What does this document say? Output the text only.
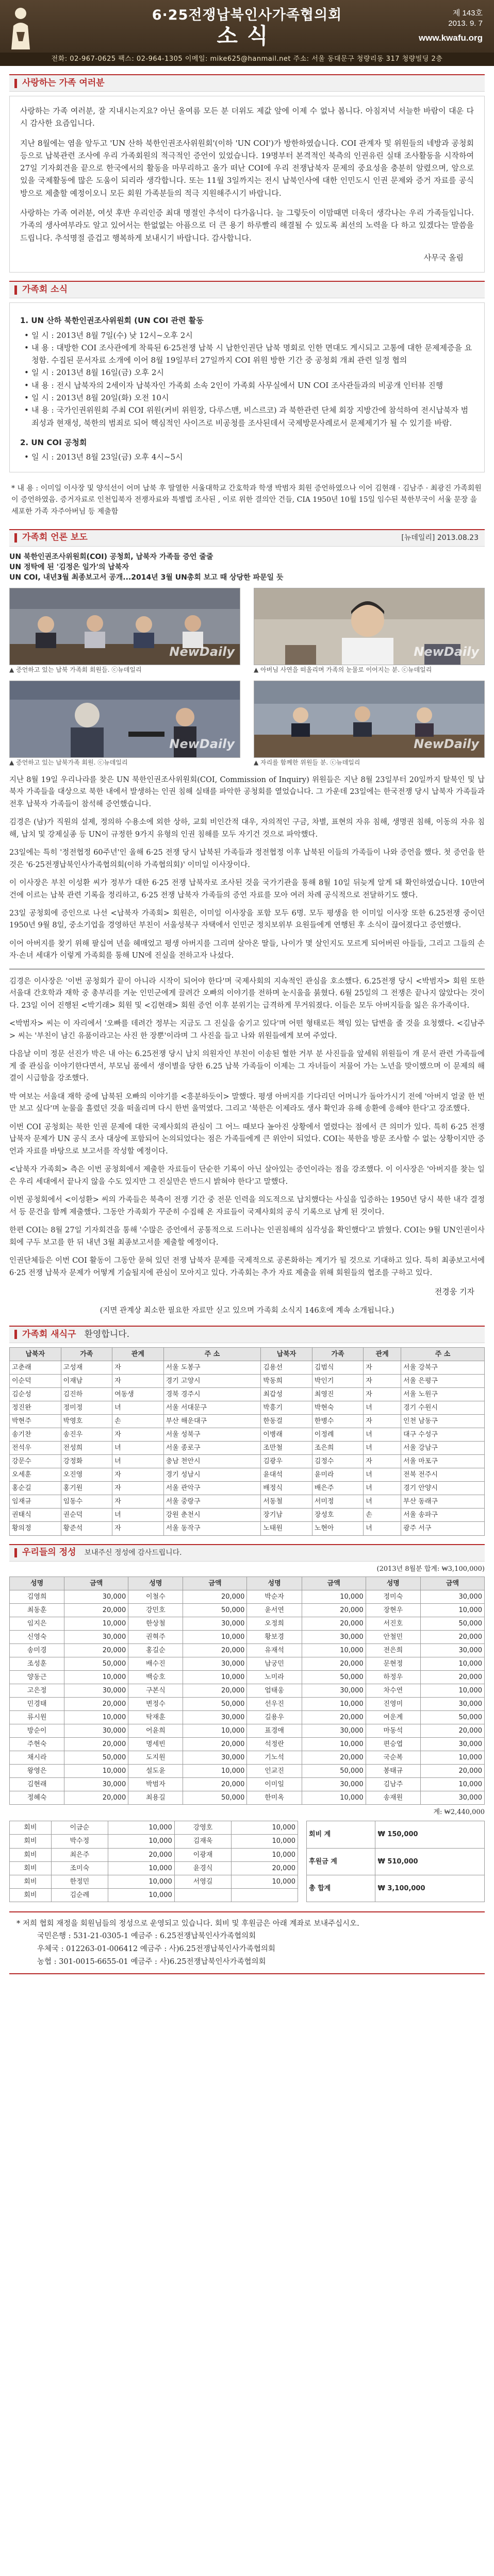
6·25전쟁납북인사가족협의회
소식
제 143호
2013. 9. 7
www.kwafu.org
전화: 02-967-0625 팩스: 02-964-1305 이메일: mike625@hanmail.net 주소: 서울 동대문구 청량리동 317 청량빌딩 2층
사랑하는 가족 여러분

사랑하는 가족 여러분, 잘 지내시는지요? 아닌 올여름 모든 분 더위도 제값 앞에 이제 수 없나 봅니다. 아침저녁 서늘한 바람이 대운 다시 감사한 요즘입니다.

지난 8월에는 염을 앞두고 'UN 산하 북한인권조사위원회'(이하 'UN COI')가 방한하였습니다. COI 관계자 및 위원들의 네방과 공청회 등으로 납북관련 조사에 우리 가족회원의 적극적인 증언이 있었습니다. 19명부터 본격적인 북측의 인권유린 실태 조사활동을 시작하여 27일 기자회견을 끝으로 한국에서의 활동을 마무리하고 올가 떠난 COI에 우리 전쟁납북자 문제의 중요성을 충분히 알렸으며, 앞으로 있을 국제활동에 많은 도움이 되리라 생각합니다. 또는 11월 3일까지는 전시 납북인사에 대한 인민도시 인권 문제와 증거 자료를 공식방으로 제출할 예정이오니 모든 회원 가족분들의 적극 지원해주시기 바랍니다.

사랑하는 가족 여러분, 여섯 후반 우리인증 최대 명절인 추석이 다가옵니다. 늘 그렇듯이 이맘때면 더욱더 생각나는 우리 가족들입니다. 가족의 생사여부라도 알고 있어서는 한없없는 아픔으로 더 큰 용기 하루빨리 해결될 수 있도록 최선의 노력을 다 하고 있겠다는 말씀을 드립니다. 추석명절 즐겁고 행복하게 보내시기 바랍니다. 감사합니다.

사무국 올림
가족회 소식
1. UN 산하 북한인권조사위원회 (UN COI 관련 활동
• 일 시 : 2013년 8월 7일(수) 낮 12시~오후 2시
• 내 용 : 대방한 COI 조사관에게 착륙된 6·25전쟁 납북 시 납한인권단 납북 명회로 인한 면대도 게시되고 고통에 대한 문제제증을 요청함. 수집된 문서자료 소개에 이어 8월 19일부터 27일까지 COI 위원 방한 기간 중 공청회 개최 관련 일정 협의
• 일 시 : 2013년 8월 16일(금) 오후 2시
• 내 용 : 전시 납북자의 2세이자 납북자인 가족회 소속 2인이 가족회 사무실에서 UN COI 조사관들과의 비공개 인터뷰 진행
• 일 시 : 2013년 8월 20일(화) 오전 10시
• 내 용 : 국가인권위원회 주최 COI 위원(커비 위원장, 다루스맨, 비스르코) 과 북한관련 단체 회장 지방간에 참석하여 전시납북자 범죄성과 현재성, 북한의 범죄로 되어 핵심적인 사이즈로 비공청를 조사된데서 국제방문사례로서 문제제기가 될 수 있기를 바람.
2. UN COI 공청회
• 일 시 : 2013년 8월 23일(금) 오후 4시~5시
* 내 용 : 이미일 이사장 및 양석선이 어머 납북 후 딸열한 서울대학교 간호학과 학생 박범자 회원 증언하였으나 이어 김현래 · 김남주 · 최광진 가족회원이 증언하였음. 증거자료로 인천입북자 전쟁자료와 특별법 조사된 , 이로 위한 결의안 건들, CIA 1950년 10월 15일 임수된 북한부국이 서울 문장 을 세포한 가족 자주아버님 등 제출함
가족회 언론 보도	[뉴데일리] 2013.08.23
UN 북한인권조사위원회(COI) 공청회, 납북자 가족들 증언 줄줄
UN 정탁에 된 '김정은 일가'의 납북자
UN COI, 내년3월 최종보고서 공개...2014년 3월 UN총회 보고 때 상당한 파문일 듯
NewDaily
▲ 증언하고 있는 납북 가족회 회원들. ⓒ뉴데일리
NewDaily
▲ 아버님 사연을 떠올리며 가족의 눈물로 이어지는 분. ⓒ뉴데일리
NewDaily
▲ 증언하고 있는 납북가족 회원. ⓒ뉴데일리
NewDaily
▲ 자리를 함께한 위원들 분. ⓒ뉴데일리

지난 8월 19일 우리나라를 찾은 UN 북한인권조사위원회(COI, Commission of Inquiry) 위원들은 지난 8월 23일부터 20일까지 탈북인 및 납북자 가족들을 대상으로 북한 내에서 발생하는 인권 침해 실태를 파악한 공청회를 열었습니다. 그 가운데 23일에는 한국전쟁 당시 납북자 가족들과 전후 납북자 가족들이 참석해 증언했습니다.

김경은 (남)가 직원의 설제, 정의하 수용소에 외한 상하, 교회 비인간적 대우, 자의적인 구금, 차별, 표현의 자유 침해, 생명권 침해, 이동의 자유 침해, 납치 및 강제실종 등 UN이 규정한 9가지 유형의 인권 침해를 모두 자기건 것으로 파악했다.

23일에는 특히 '정전협정 60주년'인 올해 6·25 전쟁 당시 납북된 가족들과 정전협정 이후 납북된 이들의 가족들이 나와 증언을 했다. 첫 증언을 한 것은 '6·25전쟁납북인사가족협의회(이하 가족협의회)' 이미일 이사장이다.

이 이사장은 부친 이성환 씨가 정부가 대한 6·25 전쟁 납북자로 조사된 것을 국가기관을 통해 8월 10일 뒤늦게 알게 돼 확인하였습니다. 10만여 건에 이르는 납북 관련 기록을 정리하고, 6·25 전쟁 납북자 가족들의 증언 자료를 모아 여러 차례 공식적으로 전달하기도 했다.

23일 공청회에 증인으로 나선 <납북자 가족회> 회원은, 이미일 이사장을 포함 모두 6명. 모두 평생을 한 이미일 이사장 또한 6.25전쟁 중이던 1950년 9월 8일, 중소기업을 경영하던 부친이 서울성북구 자택에서 인민군 정치보위부 요원들에게 연행된 후 소식이 끊어졌다고 증언했다.

이어 아버지를 찾기 위해 팔십여 년을 헤매었고 평생 아버지를 그리며 살아온 딸들, 나이가 몇 살인지도 모르게 되어버린 아들들, 그리고 그들의 손자·손녀 세대가 이렇게 가족회를 통해 UN에 진실을 전하고자 나섰다.

김경은 이사장은 '이번 공청회가 끝이 아니라 시작이 되어야 한다'며 국제사회의 지속적인 관심을 호소했다. 6.25전쟁 당시 <박범자> 회원 또한 서울대 간호학과 재학 중 총부리를 겨눈 인민군에게 끌려간 오빠의 이야기를 전하며 눈시울을 붉혔다. 6월 25일의 그 전쟁은 끝나지 않았다는 것이다. 23일 이어 진행된 <박기래> 회원 및 <김현래> 회원 증언 이후 분위기는 급격하게 무거워졌다. 이들은 모두 아버지들을 잃은 유가족이다.

<박범자> 씨는 이 자리에서 '오빠를 데려간 정부는 지금도 그 진실을 숨기고 있다'며 어떤 형태로든 책임 있는 답변을 줄 것을 요청했다. <김남주> 씨는 '부친이 남긴 유품이라고는 사진 한 장뿐'이라며 그 사진을 들고 나와 위원들에게 보여 주었다.

다음날 이미 정문 선진가 박은 내 아는 6.25전쟁 당시 납치 의원자인 부친이 이송된 혈한 거부 분 사진들을 앞세워 위원들이 개 문서 관련 가족들에게 줄 관심을 이야기한다면서, 부모님 품에서 생이별을 당한 6.25 납북 가족들이 이제는 그 자녀들이 저물어 가는 노년을 맞이했으며 이 문제의 해결이 시급함을 강조했다.

박 여보는 서울대 재학 중에 납북된 오빠의 이야기를 <흥분하듯이> 말했다. 평생 아버지를 기다리던 어머니가 돌아가시기 전에 '아버지 얼굴 한 번만 보고 싶다'며 눈물을 흘렸던 것을 떠올리며 다시 한번 울먹였다. 그리고 '북한은 이제라도 생사 확인과 유해 송환에 응해야 한다'고 강조했다.

이번 COI 공청회는 북한 인권 문제에 대한 국제사회의 관심이 그 어느 때보다 높아진 상황에서 열렸다는 점에서 큰 의미가 있다. 특히 6·25 전쟁 납북자 문제가 UN 공식 조사 대상에 포함되어 논의되었다는 점은 가족들에게 큰 위안이 되었다. COI는 북한을 방문 조사할 수 없는 상황이지만 증언과 자료를 바탕으로 보고서를 작성할 예정이다.

<납북자 가족회> 측은 이번 공청회에서 제출한 자료들이 단순한 기록이 아닌 살아있는 증언이라는 점을 강조했다. 이 이사장은 '아버지를 찾는 일은 우리 세대에서 끝나지 않을 수도 있지만 그 진실만은 반드시 밝혀야 한다'고 말했다.

이번 공청회에서 <이성환> 씨의 가족들은 북측이 전쟁 기간 중 전문 인력을 의도적으로 납치했다는 사실을 입증하는 1950년 당시 북한 내각 결정서 등 문건을 함께 제출했다. 그동안 가족회가 꾸준히 수집해 온 자료들이 국제사회의 공식 기록으로 남게 된 것이다.

한편 COI는 8월 27일 기자회견을 통해 '수많은 증언에서 공통적으로 드러나는 인권침해의 심각성을 확인했다'고 밝혔다. COI는 9월 UN인권이사회에 구두 보고를 한 뒤 내년 3월 최종보고서를 제출할 예정이다.

인권단체들은 이번 COI 활동이 그동안 묻혀 있던 전쟁 납북자 문제를 국제적으로 공론화하는 계기가 될 것으로 기대하고 있다. 특히 최종보고서에 6·25 전쟁 납북자 문제가 어떻게 기술될지에 관심이 모아지고 있다. 가족회는 추가 자료 제출을 위해 회원들의 협조를 구하고 있다.

전경웅 기자

(지면 관계상 최소한 필요한 자료만 싣고 있으며 가족회 소식지 146호에 계속 소개됩니다.)

가족회 새식구 환영합니다.
납북자	가족	관계	주 소	납북자	가족	관계	주 소
고춘래	고성재	자	서울 도봉구	김용선	김범식	자	서울 강북구
이순덕	이재남	자	경기 고양시	박동희	박인기	자	서울 은평구
김순성	김진하	여동생	경북 경주시	최갑성	최영진	자	서울 노원구
정진완	정미정	녀	서울 서대문구	박흥기	박현숙	녀	경기 수원시
박현주	박영호	손	부산 해운대구	한동걸	한병수	자	인천 남동구
송기찬	송진우	자	서울 성북구	이병래	이정례	녀	대구 수성구
전석우	전성희	녀	서울 종로구	조만철	조은희	녀	서울 강남구
강문수	강정화	녀	충남 천안시	김광우	김정수	자	서울 마포구
오세훈	오진영	자	경기 성남시	윤대석	윤미라	녀	전북 전주시
홍순길	홍기원	자	서울 관악구	배정식	배은주	녀	경기 안양시
임재규	임동수	자	서울 중랑구	서동철	서미정	녀	부산 동래구
권태식	권순덕	녀	강원 춘천시	장기남	장성호	손	서울 송파구
황의정	황준석	자	서울 동작구	노태원	노현아	녀	광주 서구
우리들의 정성 보내주신 정성에 감사드립니다.
(2013년 8월분 합계: ₩3,100,000)
성명	금액	성명	금액	성명	금액	성명	금액
김영희	30,000	이철수	20,000	박순자	10,000	정미숙	30,000
최동훈	20,000	강민호	50,000	윤서연	20,000	장현우	10,000
임지은	10,000	한상철	30,000	오정희	20,000	서진호	50,000
신영숙	30,000	권혁주	10,000	황보경	30,000	안철민	20,000
송미경	20,000	홍길순	20,000	유재석	10,000	전은희	30,000
조성훈	50,000	배수진	30,000	남궁민	20,000	문현정	10,000
양동근	10,000	백승호	10,000	노미라	50,000	하정우	20,000
고은정	30,000	구본식	20,000	엄태웅	30,000	차수연	10,000
민경태	20,000	변정수	50,000	선우진	10,000	진영미	30,000
류시원	10,000	탁재훈	30,000	길용우	20,000	여운계	50,000
방순이	30,000	어윤희	10,000	표경애	30,000	마동석	20,000
주현숙	20,000	명세빈	20,000	석정란	10,000	편승엽	30,000
채시라	50,000	도지원	30,000	기노석	20,000	국순복	10,000
왕영은	10,000	설도윤	10,000	인교진	50,000	봉태규	20,000
김현래	30,000	박범자	20,000	이미일	30,000	김남주	10,000
정혜숙	20,000	최용길	50,000	한미옥	10,000	송재원	30,000
계: ₩2,440,000
회비	이금순	10,000	강영호	10,000
회비	박수정	10,000	김재욱	10,000
회비	최은주	20,000	이광재	10,000
회비	조미숙	10,000	윤경식	20,000
회비	한정민	10,000	서영길	10,000
회비	김순례	10,000		
회비 계	₩ 150,000
후원금 계	₩ 510,000
총 합계	₩ 3,100,000
* 저희 협회 재정을 회원님들의 정성으로 운영되고 있습니다. 회비 및 후원금은 아래 계좌로 보내주십시오.
국민은행 : 531-21-0305-1 예금주 : 6.25전쟁납북인사가족협의회
우체국 : 012263-01-006412 예금주 : 사)6.25전쟁납북인사가족협의회
농협 : 301-0015-6655-01 예금주 : 사)6.25전쟁납북인사가족협의회
